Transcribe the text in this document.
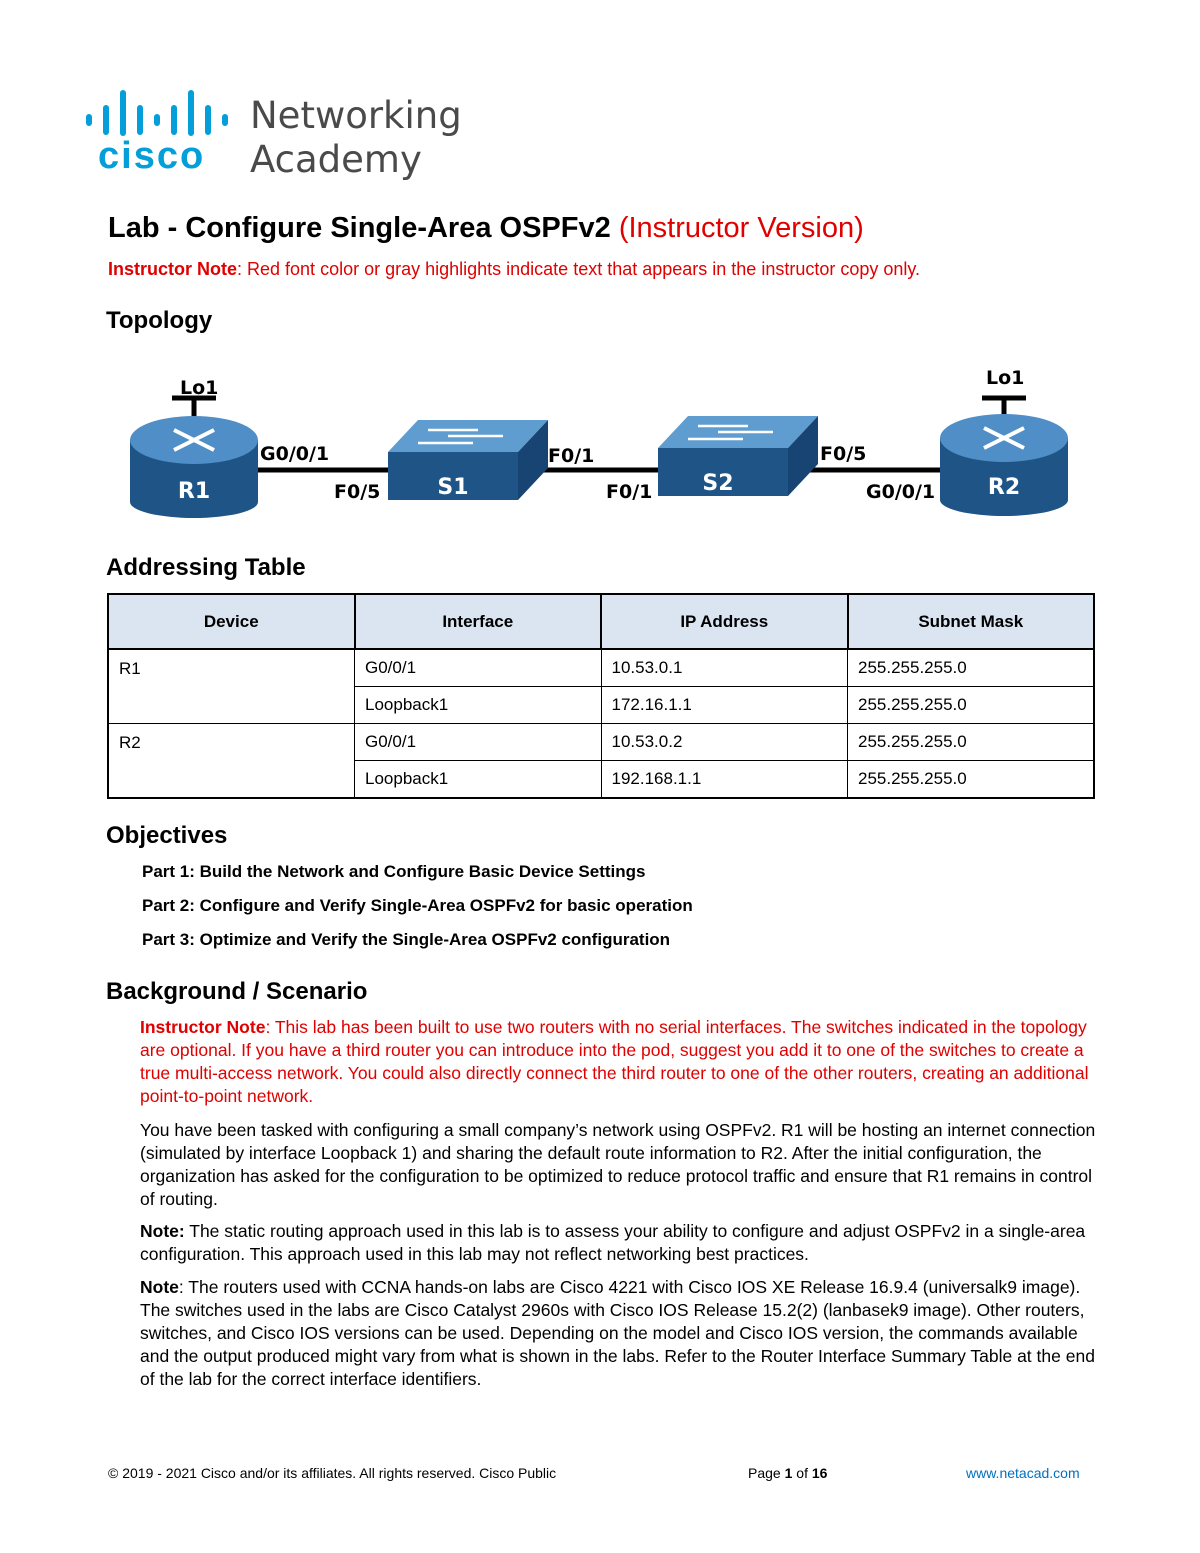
cisco
Networking
Academy
Lab - Configure Single-Area OSPFv2 (Instructor Version)
Instructor Note: Red font color or gray highlights indicate text that appears in the instructor copy only.
Topology
R1
Lo1
S1	S2	R2
Lo1
G0/0/1
F0/5
F0/1
F0/1
F0/5
G0/0/1
Addressing Table
Device	Interface	IP Address	Subnet Mask
R1	G0/0/1	10.53.0.1	255.255.255.0
	Loopback1	172.16.1.1	255.255.255.0
R2	G0/0/1	10.53.0.2	255.255.255.0
	Loopback1	192.168.1.1	255.255.255.0
Objectives
Part 1: Build the Network and Configure Basic Device Settings
Part 2: Configure and Verify Single-Area OSPFv2 for basic operation
Part 3: Optimize and Verify the Single-Area OSPFv2 configuration
Background / Scenario
Instructor Note: This lab has been built to use two routers with no serial interfaces. The switches indicated in the topology are optional. If you have a third router you can introduce into the pod, suggest you add it to one of the switches to create a true multi-access network. You could also directly connect the third router to one of the other routers, creating an additional point-to-point network.
You have been tasked with configuring a small company’s network using OSPFv2. R1 will be hosting an internet connection (simulated by interface Loopback 1) and sharing the default route information to R2. After the initial configuration, the organization has asked for the configuration to be optimized to reduce protocol traffic and ensure that R1 remains in control of routing.
Note: The static routing approach used in this lab is to assess your ability to configure and adjust OSPFv2 in a single-area configuration. This approach used in this lab may not reflect networking best practices.
Note: The routers used with CCNA hands-on labs are Cisco 4221 with Cisco IOS XE Release 16.9.4 (universalk9 image). The switches used in the labs are Cisco Catalyst 2960s with Cisco IOS Release 15.2(2) (lanbasek9 image). Other routers, switches, and Cisco IOS versions can be used. Depending on the model and Cisco IOS version, the commands available and the output produced might vary from what is shown in the labs. Refer to the Router Interface Summary Table at the end of the lab for the correct interface identifiers.
© 2019 - 2021 Cisco and/or its affiliates. All rights reserved. Cisco Public	Page 1 of 16	www.netacad.com
